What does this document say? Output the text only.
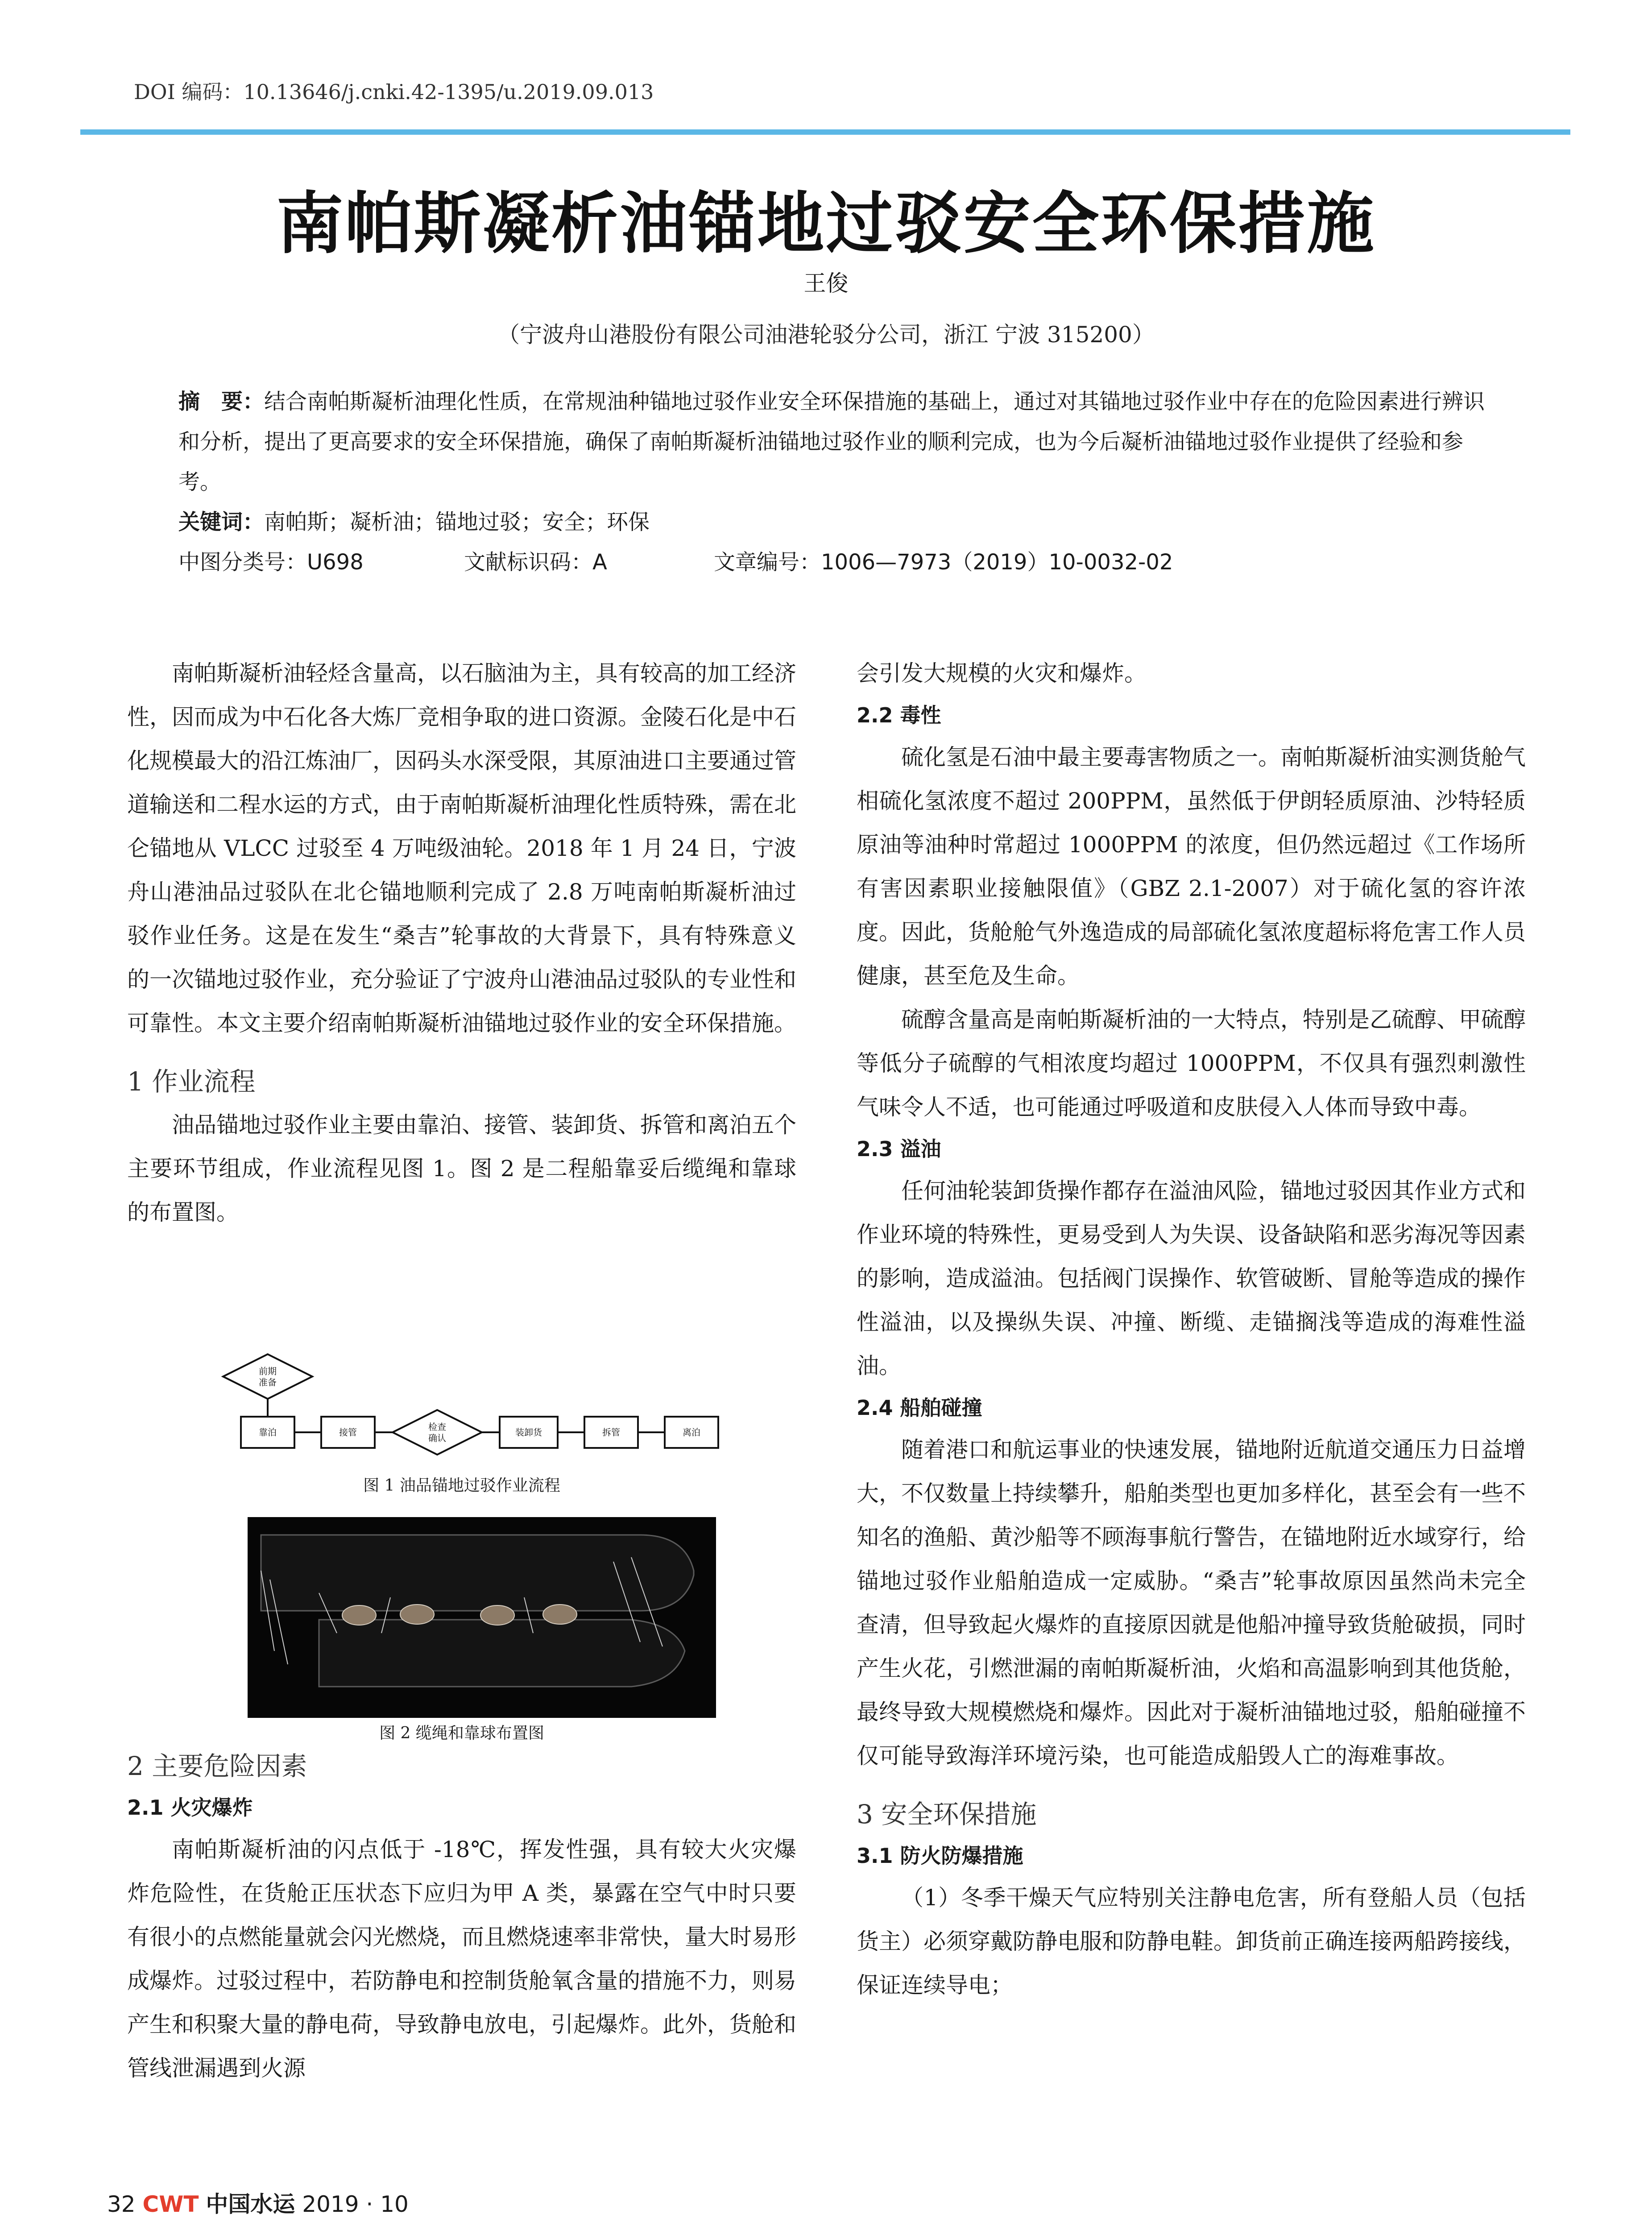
DOI 编码：10.13646/j.cnki.42-1395/u.2019.09.013
南帕斯凝析油锚地过驳安全环保措施
王俊
（宁波舟山港股份有限公司油港轮驳分公司，浙江 宁波 315200）
摘　要：结合南帕斯凝析油理化性质，在常规油种锚地过驳作业安全环保措施的基础上，通过对其锚地过驳作业中存在的危险因素进行辨识和分析，提出了更高要求的安全环保措施，确保了南帕斯凝析油锚地过驳作业的顺利完成，也为今后凝析油锚地过驳作业提供了经验和参考。
关键词：南帕斯；凝析油；锚地过驳；安全；环保
中图分类号：U698	文献标识码：A	文章编号：1006—7973（2019）10-0032-02

南帕斯凝析油轻烃含量高，以石脑油为主，具有较高的加工经济性，因而成为中石化各大炼厂竞相争取的进口资源。金陵石化是中石化规模最大的沿江炼油厂，因码头水深受限，其原油进口主要通过管道输送和二程水运的方式，由于南帕斯凝析油理化性质特殊，需在北仑锚地从 VLCC 过驳至 4 万吨级油轮。2018 年 1 月 24 日，宁波舟山港油品过驳队在北仑锚地顺利完成了 2.8 万吨南帕斯凝析油过驳作业任务。这是在发生“桑吉”轮事故的大背景下，具有特殊意义的一次锚地过驳作业，充分验证了宁波舟山港油品过驳队的专业性和可靠性。本文主要介绍南帕斯凝析油锚地过驳作业的安全环保措施。

1 作业流程

油品锚地过驳作业主要由靠泊、接管、装卸货、拆管和离泊五个主要环节组成，作业流程见图 1。图 2 是二程船靠妥后缆绳和靠球的布置图。

前期
准备
靠泊	接管	检查
确认
装卸货	拆管	离泊
图 1 油品锚地过驳作业流程
图 2 缆绳和靠球布置图
2 主要危险因素
2.1 火灾爆炸

南帕斯凝析油的闪点低于 -18℃，挥发性强，具有较大火灾爆炸危险性，在货舱正压状态下应归为甲 A 类，暴露在空气中时只要有很小的点燃能量就会闪光燃烧，而且燃烧速率非常快，量大时易形成爆炸。过驳过程中，若防静电和控制货舱氧含量的措施不力，则易产生和积聚大量的静电荷，导致静电放电，引起爆炸。此外，货舱和管线泄漏遇到火源

会引发大规模的火灾和爆炸。

2.2 毒性

硫化氢是石油中最主要毒害物质之一。南帕斯凝析油实测货舱气相硫化氢浓度不超过 200PPM，虽然低于伊朗轻质原油、沙特轻质原油等油种时常超过 1000PPM 的浓度，但仍然远超过《工作场所有害因素职业接触限值》（GBZ 2.1-2007）对于硫化氢的容许浓度。因此，货舱舱气外逸造成的局部硫化氢浓度超标将危害工作人员健康，甚至危及生命。

硫醇含量高是南帕斯凝析油的一大特点，特别是乙硫醇、甲硫醇等低分子硫醇的气相浓度均超过 1000PPM，不仅具有强烈刺激性气味令人不适，也可能通过呼吸道和皮肤侵入人体而导致中毒。

2.3 溢油

任何油轮装卸货操作都存在溢油风险，锚地过驳因其作业方式和作业环境的特殊性，更易受到人为失误、设备缺陷和恶劣海况等因素的影响，造成溢油。包括阀门误操作、软管破断、冒舱等造成的操作性溢油，以及操纵失误、冲撞、断缆、走锚搁浅等造成的海难性溢油。

2.4 船舶碰撞

随着港口和航运事业的快速发展，锚地附近航道交通压力日益增大，不仅数量上持续攀升，船舶类型也更加多样化，甚至会有一些不知名的渔船、黄沙船等不顾海事航行警告，在锚地附近水域穿行，给锚地过驳作业船舶造成一定威胁。“桑吉”轮事故原因虽然尚未完全查清，但导致起火爆炸的直接原因就是他船冲撞导致货舱破损，同时产生火花，引燃泄漏的南帕斯凝析油，火焰和高温影响到其他货舱，最终导致大规模燃烧和爆炸。因此对于凝析油锚地过驳，船舶碰撞不仅可能导致海洋环境污染，也可能造成船毁人亡的海难事故。

3 安全环保措施
3.1 防火防爆措施

（1）冬季干燥天气应特别关注静电危害，所有登船人员（包括货主）必须穿戴防静电服和防静电鞋。卸货前正确连接两船跨接线，保证连续导电；

32 CWT 中国水运 2019 · 10
